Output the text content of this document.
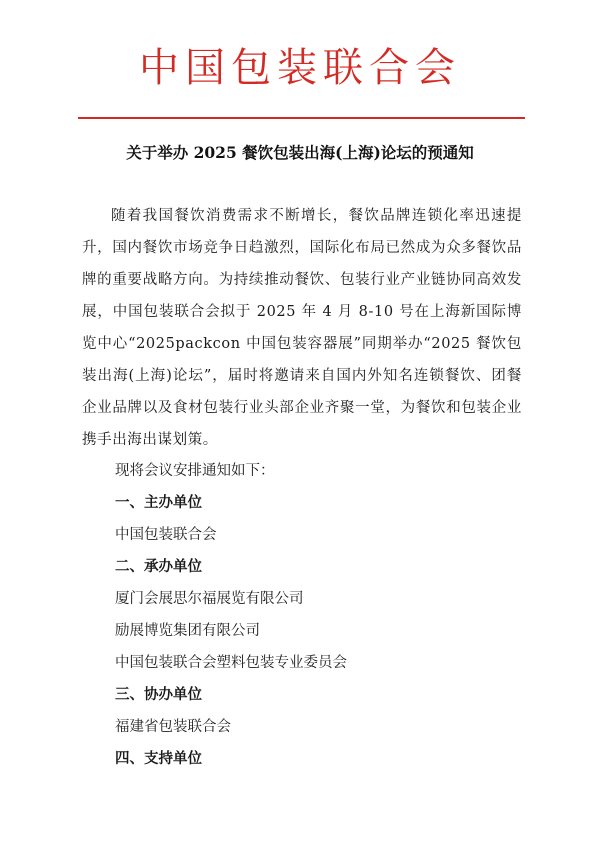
中国包装联合会
关于举办 2025 餐饮包装出海(上海)论坛的预通知
随着我国餐饮消费需求不断增长，餐饮品牌连锁化率迅速提升，国内餐饮市场竞争日趋激烈，国际化布局已然成为众多餐饮品牌的重要战略方向。为持续推动餐饮、包装行业产业链协同高效发展，中国包装联合会拟于 2025 年 4 月 8-10 号在上海新国际博览中心“2025packcon 中国包装容器展”同期举办“2025 餐饮包装出海(上海)论坛”，届时将邀请来自国内外知名连锁餐饮、团餐企业品牌以及食材包装行业头部企业齐聚一堂，为餐饮和包装企业携手出海出谋划策。
现将会议安排通知如下：
一、主办单位
中国包装联合会
二、承办单位
厦门会展思尔福展览有限公司
励展博览集团有限公司
中国包装联合会塑料包装专业委员会
三、协办单位
福建省包装联合会
四、支持单位
